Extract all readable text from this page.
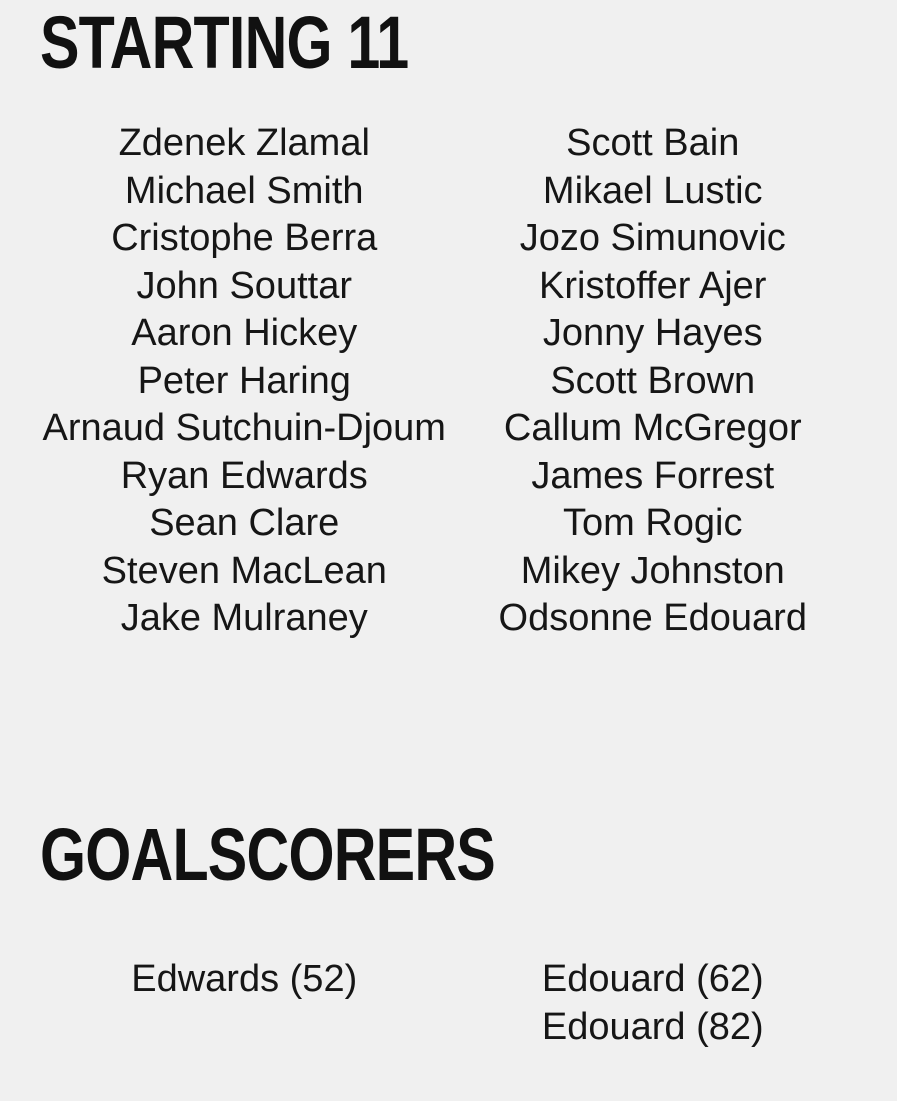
STARTING 11
Zdenek Zlamal
Michael Smith
Cristophe Berra
John Souttar
Aaron Hickey
Peter Haring
Arnaud Sutchuin-Djoum
Ryan Edwards
Sean Clare
Steven MacLean
Jake Mulraney
Scott Bain
Mikael Lustic
Jozo Simunovic
Kristoffer Ajer
Jonny Hayes
Scott Brown
Callum McGregor
James Forrest
Tom Rogic
Mikey Johnston
Odsonne Edouard
GOALSCORERS
Edwards (52)	Edouard (62)
Edouard (82)
